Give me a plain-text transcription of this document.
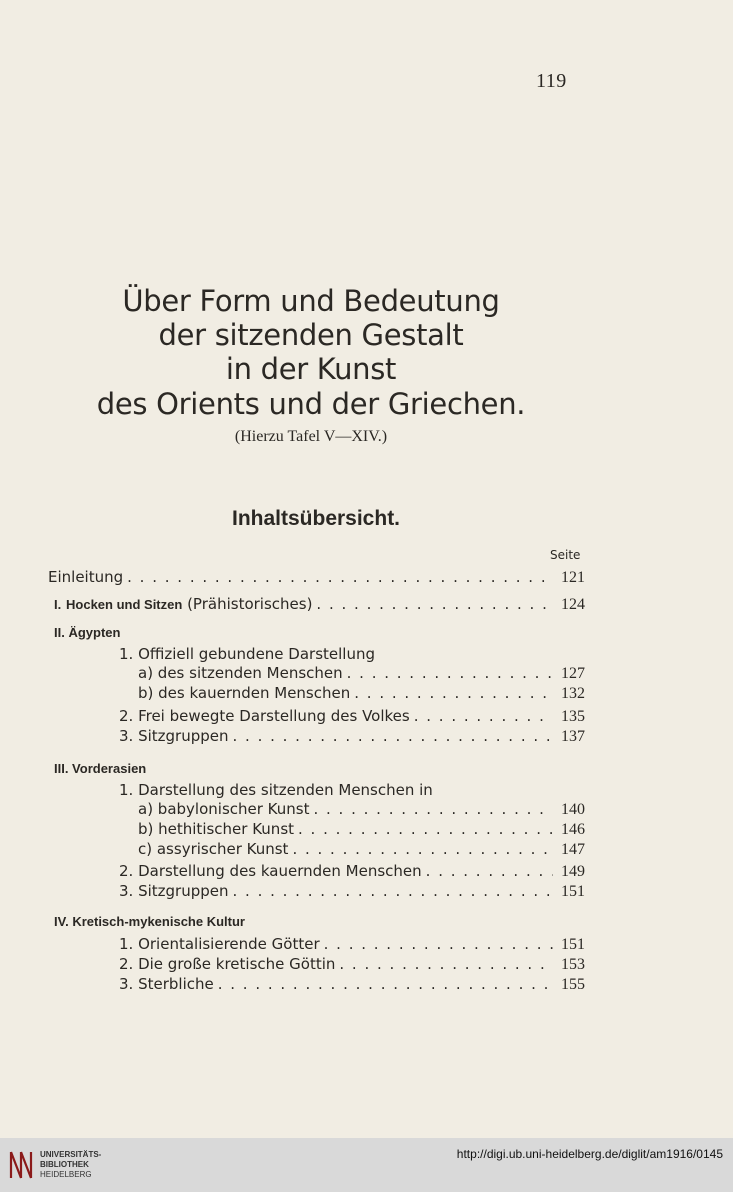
119
Über Form und Bedeutung
der sitzenden Gestalt
in der Kunst
des Orients und der Griechen.
(Hierzu Tafel V—XIV.)
Inhaltsübersicht.
Seite
Einleitung . . .	121
I. Hocken und Sitzen (Prähistorisches) . . .	124
II. Ägypten
1. Offiziell gebundene Darstellung
a) des sitzenden Menschen . . .	127
b) des kauernden Menschen . . .	132
2. Frei bewegte Darstellung des Volkes . . .	135
3. Sitzgruppen . . .	137
III. Vorderasien
1. Darstellung des sitzenden Menschen in
a) babylonischer Kunst . . .	140
b) hethitischer Kunst . . .	146
c) assyrischer Kunst . . .	147
2. Darstellung des kauernden Menschen . . .	149
3. Sitzgruppen . . .	151
IV. Kretisch-mykenische Kultur
1. Orientalisierende Götter . . .	151
2. Die große kretische Göttin . . .	153
3. Sterbliche . . .	155
UNIVERSITÄTS-
BIBLIOTHEK
HEIDELBERG
http://digi.ub.uni-heidelberg.de/diglit/am1916/0145
